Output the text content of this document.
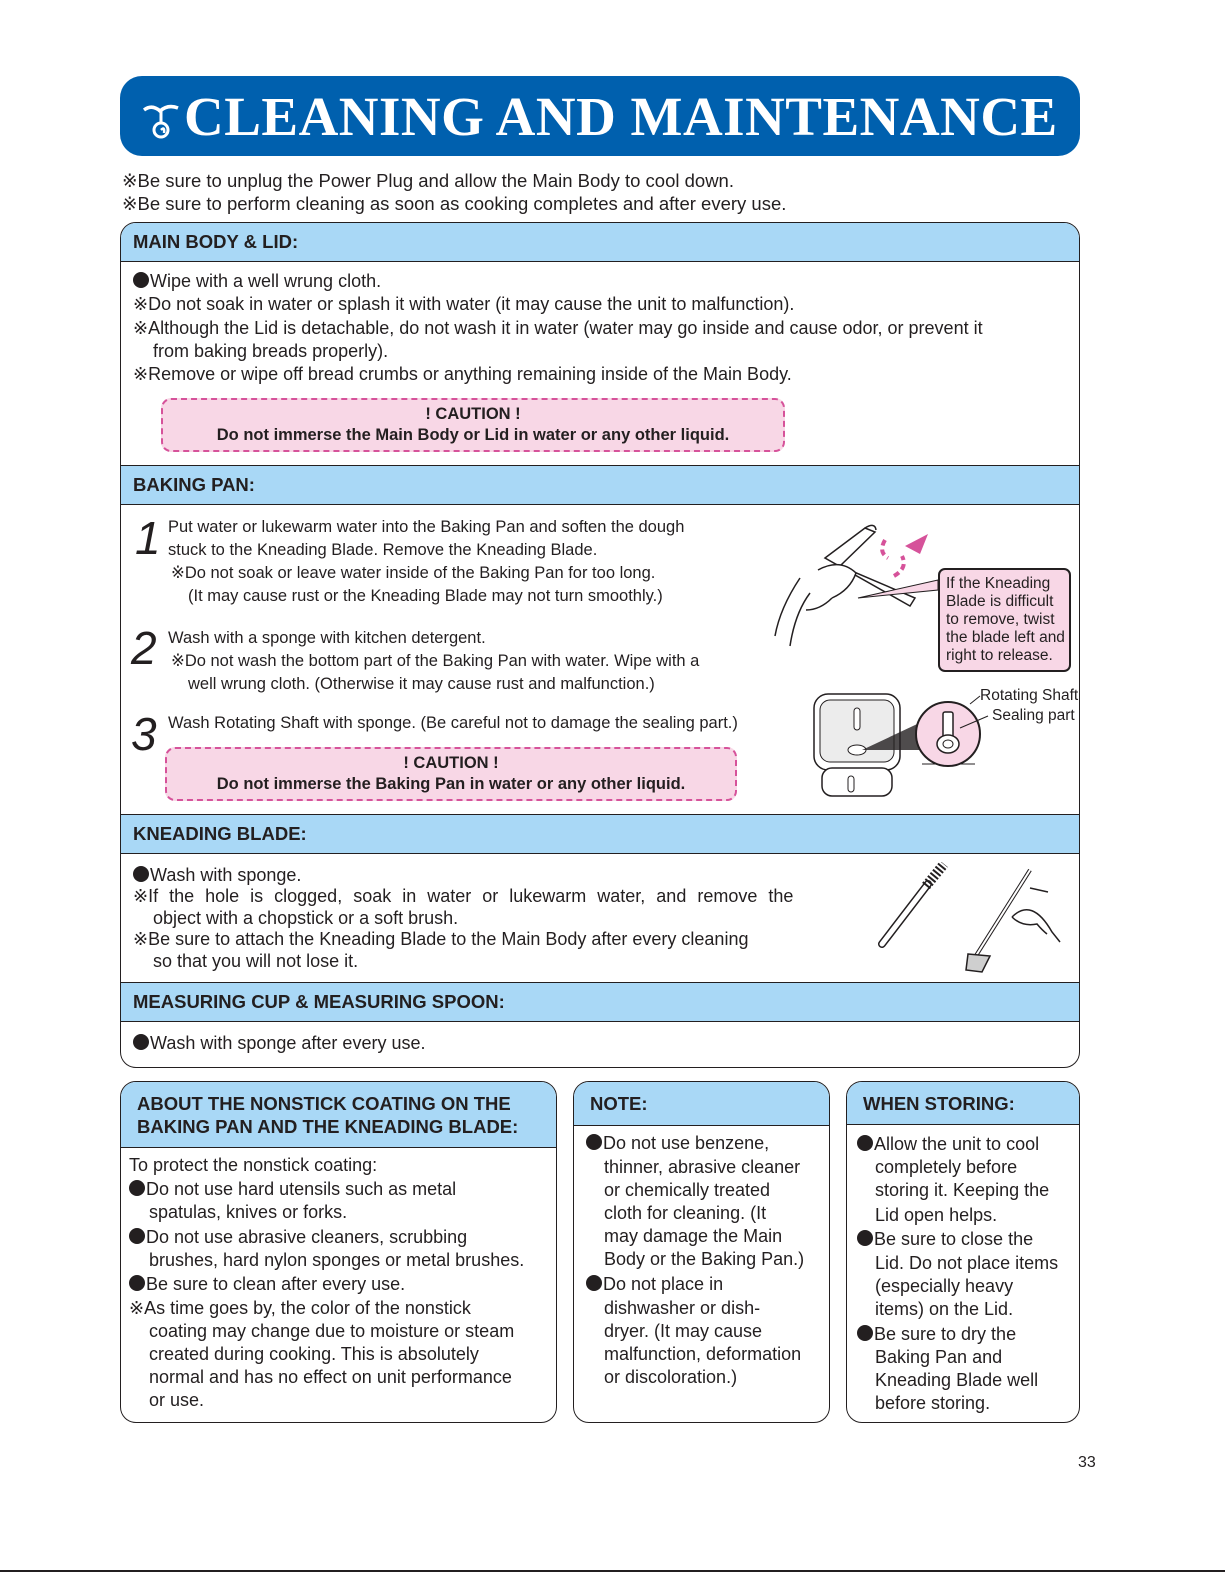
CLEANING AND MAINTENANCE
※Be sure to unplug the Power Plug and allow the Main Body to cool down.
※Be sure to perform cleaning as soon as cooking completes and after every use.
MAIN BODY & LID:
Wipe with a well wrung cloth.
※Do not soak in water or splash it with water (it may cause the unit to malfunction).
※Although the Lid is detachable, do not wash it in water (water may go inside and cause odor, or prevent it
from baking breads properly).
※Remove or wipe off bread crumbs or anything remaining inside of the Main Body.
! CAUTION !
Do not immerse the Main Body or Lid in water or any other liquid.
BAKING PAN:
1 Put water or lukewarm water into the Baking Pan and soften the dough
stuck to the Kneading Blade. Remove the Kneading Blade.
※Do not soak or leave water inside of the Baking Pan for too long.
(It may cause rust or the Kneading Blade may not turn smoothly.)
2 Wash with a sponge with kitchen detergent.
※Do not wash the bottom part of the Baking Pan with water. Wipe with a
well wrung cloth. (Otherwise it may cause rust and malfunction.)
3 Wash Rotating Shaft with sponge. (Be careful not to damage the sealing part.)
! CAUTION !
Do not immerse the Baking Pan in water or any other liquid.
KNEADING BLADE:
Wash with sponge.
※If the hole is clogged, soak in water or lukewarm water, and remove the
object with a chopstick or a soft brush.
※Be sure to attach the Kneading Blade to the Main Body after every cleaning
so that you will not lose it.
MEASURING CUP & MEASURING SPOON:
Wash with sponge after every use.
If the Kneading
Blade is difficult
to remove, twist
the blade left and
right to release.
Rotating Shaft
Sealing part
ABOUT THE NONSTICK COATING ON THE
BAKING PAN AND THE KNEADING BLADE:
To protect the nonstick coating:
Do not use hard utensils such as metal
spatulas, knives or forks.
Do not use abrasive cleaners, scrubbing
brushes, hard nylon sponges or metal brushes.
Be sure to clean after every use.
※As time goes by, the color of the nonstick
coating may change due to moisture or steam
created during cooking. This is absolutely
normal and has no effect on unit performance
or use.
NOTE:
Do not use benzene,
thinner, abrasive cleaner
or chemically treated
cloth for cleaning. (It
may damage the Main
Body or the Baking Pan.)
Do not place in
dishwasher or dish-
dryer. (It may cause
malfunction, deformation
or discoloration.)
WHEN STORING:
Allow the unit to cool
completely before
storing it. Keeping the
Lid open helps.
Be sure to close the
Lid. Do not place items
(especially heavy
items) on the Lid.
Be sure to dry the
Baking Pan and
Kneading Blade well
before storing.
33
